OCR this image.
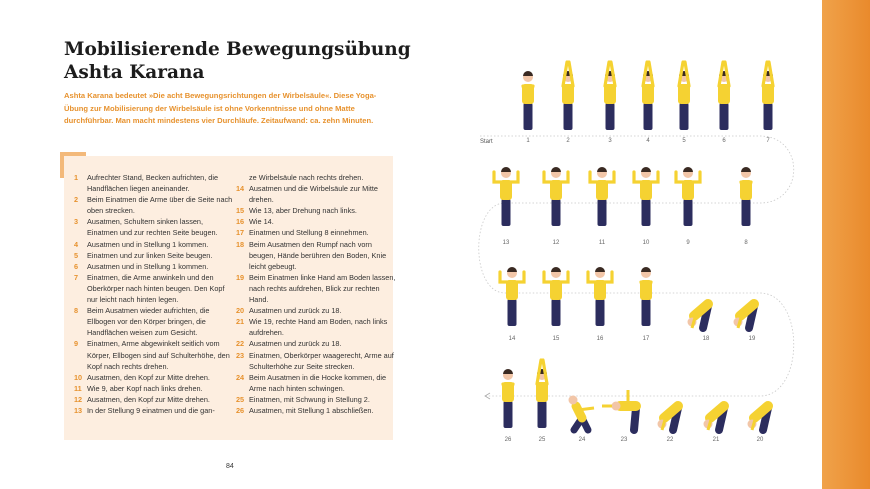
Mobilisierende Bewegungsübung
Ashta Karana

Ashta Karana bedeutet »Die acht Bewegungsrichtungen der Wirbelsäule«. Diese Yoga-Übung zur Mobilisierung der Wirbelsäule ist ohne Vorkenntnisse und ohne Matte durchführbar. Man macht mindestens vier Durchläufe. Zeitaufwand: ca. zehn Minuten.

1	Aufrechter Stand, Becken aufrichten, die Handflächen liegen aneinander.
2	Beim Einatmen die Arme über die Seite nach oben strecken.
3	Ausatmen, Schultern sinken lassen, Einatmen und zur rechten Seite beugen.
4	Ausatmen und in Stellung 1 kommen.
5	Einatmen und zur linken Seite beugen.
6	Ausatmen und in Stellung 1 kommen.
7	Einatmen, die Arme anwinkeln und den Oberkörper nach hinten beugen. Den Kopf nur leicht nach hinten legen.
8	Beim Ausatmen wieder aufrichten, die Ellbogen vor den Körper bringen, die Handflächen weisen zum Gesicht.
9	Einatmen, Arme abgewinkelt seitlich vom Körper, Ellbogen sind auf Schulterhöhe, den Kopf nach rechts drehen.
10 Ausatmen, den Kopf zur Mitte drehen.
11 Wie 9, aber Kopf nach links drehen.
12 Ausatmen, den Kopf zur Mitte drehen.
13 In der Stellung 9 einatmen und die gan-
ze Wirbelsäule nach rechts drehen.
14 Ausatmen und die Wirbelsäule zur Mitte drehen.
15 Wie 13, aber Drehung nach links.
16 Wie 14.
17 Einatmen und Stellung 8 einnehmen.
18 Beim Ausatmen den Rumpf nach vorn beugen, Hände berühren den Boden, Knie leicht gebeugt.
19 Beim Einatmen linke Hand am Boden lassen, nach rechts aufdrehen, Blick zur rechten Hand.
20 Ausatmen und zurück zu 18.
21 Wie 19, rechte Hand am Boden, nach links aufdrehen.
22 Ausatmen und zurück zu 18.
23 Einatmen, Oberkörper waagerecht, Arme auf Schulterhöhe zur Seite strecken.
24 Beim Ausatmen in die Hocke kommen, die Arme nach hinten schwingen.
25 Einatmen, mit Schwung in Stellung 2.
26 Ausatmen, mit Stellung 1 abschließen.
84
Start	1	2	3	4	5	6	7
13	12	11	10	9	8
14	15	16	17	18	19
26	25	24	23	22	21	20
